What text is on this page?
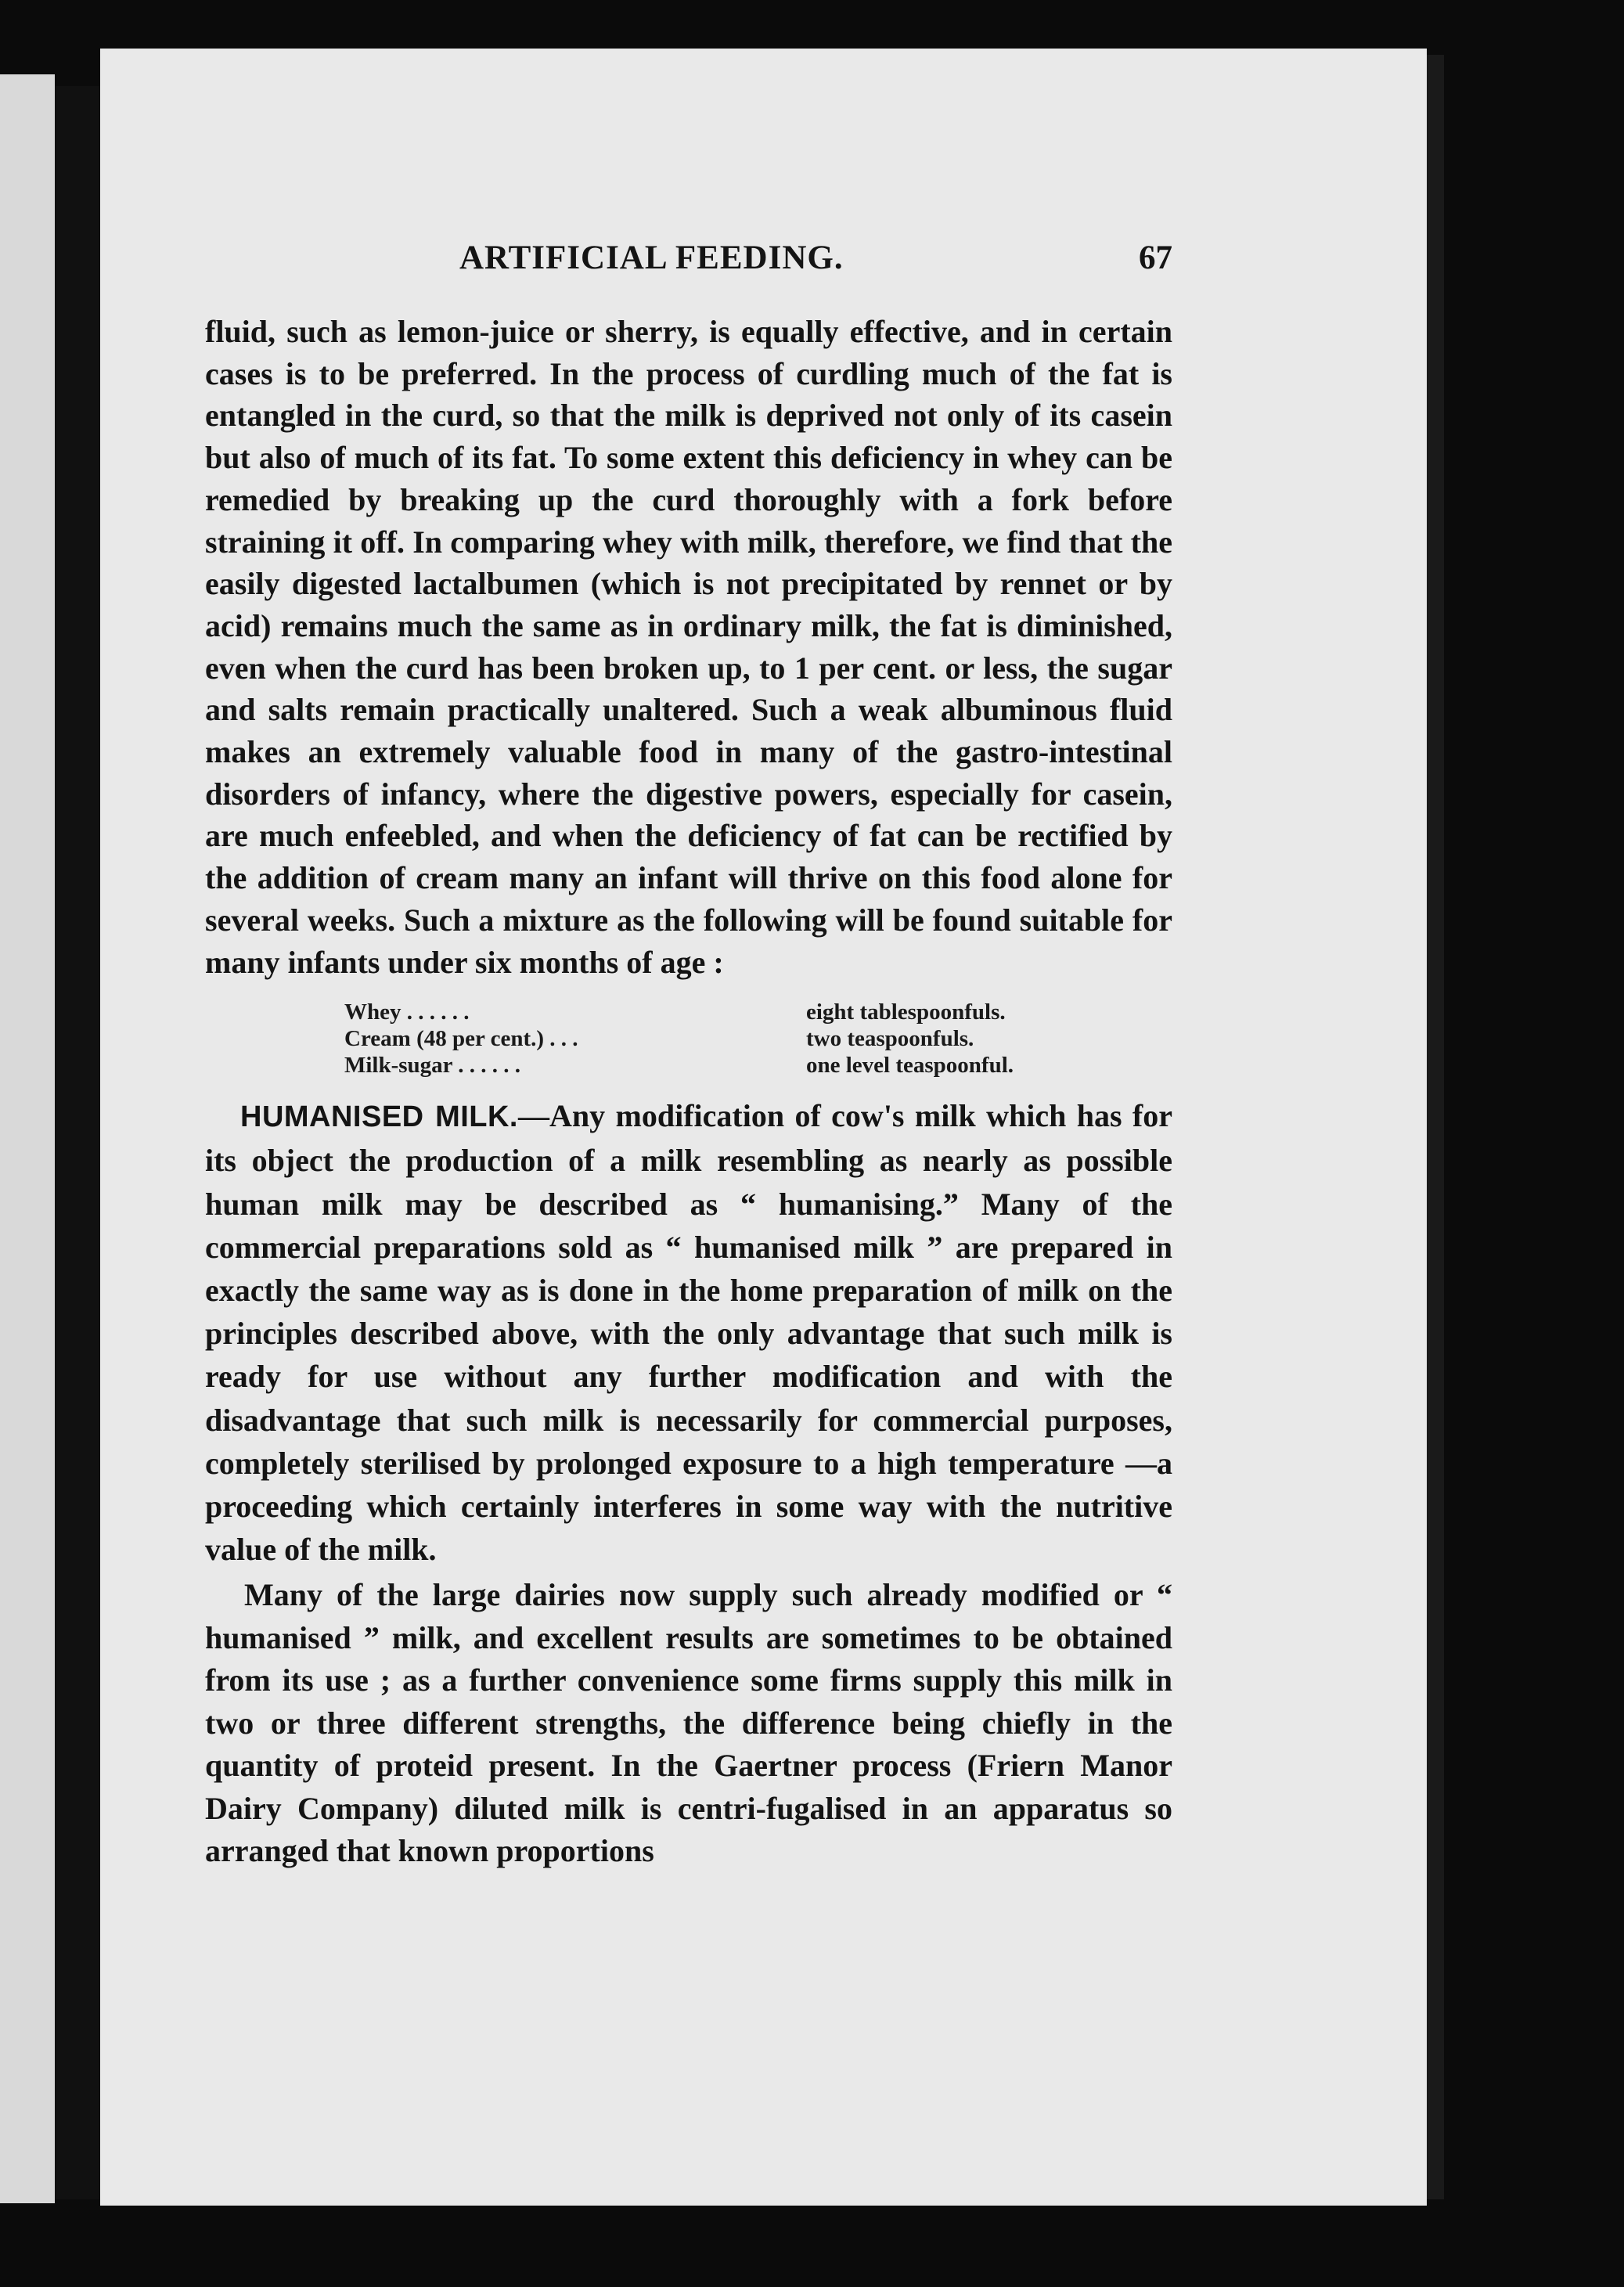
ARTIFICIAL FEEDING.	67

fluid, such as lemon-juice or sherry, is equally effective, and in certain cases is to be preferred. In the process of curdling much of the fat is entangled in the curd, so that the milk is deprived not only of its casein but also of much of its fat. To some extent this deficiency in whey can be remedied by breaking up the curd thoroughly with a fork before straining it off. In comparing whey with milk, therefore, we find that the easily digested lactalbumen (which is not precipitated by rennet or by acid) remains much the same as in ordinary milk, the fat is diminished, even when the curd has been broken up, to 1 per cent. or less, the sugar and salts remain practically unaltered. Such a weak albuminous fluid makes an extremely valuable food in many of the gastro-intestinal disorders of infancy, where the digestive powers, especially for casein, are much enfeebled, and when the deficiency of fat can be rectified by the addition of cream many an infant will thrive on this food alone for several weeks. Such a mixture as the following will be found suitable for many infants under six months of age :

Whey . . . . . .	eight tablespoonfuls.
Cream (48 per cent.) . . .	two teaspoonfuls.
Milk-sugar . . . . . .	one level teaspoonful.

HUMANISED MILK.—Any modification of cow's milk which has for its object the production of a milk resembling as nearly as possible human milk may be described as “ humanising.” Many of the commercial preparations sold as “ humanised milk ” are prepared in exactly the same way as is done in the home preparation of milk on the principles described above, with the only advantage that such milk is ready for use without any further modification and with the disadvantage that such milk is necessarily for commercial purposes, completely sterilised by prolonged exposure to a high temperature —a proceeding which certainly interferes in some way with the nutritive value of the milk.

Many of the large dairies now supply such already modified or “ humanised ” milk, and excellent results are sometimes to be obtained from its use ; as a further convenience some firms supply this milk in two or three different strengths, the difference being chiefly in the quantity of proteid present. In the Gaertner process (Friern Manor Dairy Company) diluted milk is centri-fugalised in an apparatus so arranged that known proportions
